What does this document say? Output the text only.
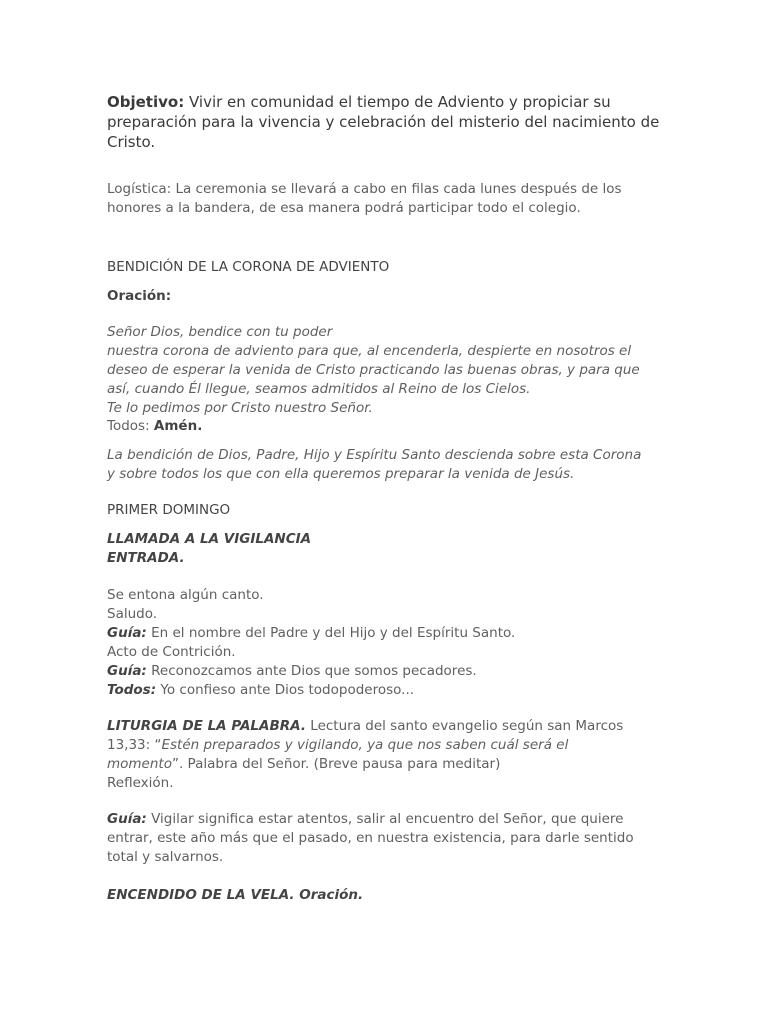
Objetivo: Vivir en comunidad el tiempo de Adviento y propiciar su
preparación para la vivencia y celebración del misterio del nacimiento de
Cristo.

Logística: La ceremonia se llevará a cabo en filas cada lunes después de los
honores a la bandera, de esa manera podrá participar todo el colegio.

BENDICIÓN DE LA CORONA DE ADVIENTO

Oración:

Señor Dios, bendice con tu poder
nuestra corona de adviento para que, al encenderla, despierte en nosotros el
deseo de esperar la venida de Cristo practicando las buenas obras, y para que
así, cuando Él llegue, seamos admitidos al Reino de los Cielos.
Te lo pedimos por Cristo nuestro Señor.

Todos: Amén.

La bendición de Dios, Padre, Hijo y Espíritu Santo descienda sobre esta Corona
y sobre todos los que con ella queremos preparar la venida de Jesús.

PRIMER DOMINGO

LLAMADA A LA VIGILANCIA
ENTRADA.

Se entona algún canto.
Saludo.
Guía: En el nombre del Padre y del Hijo y del Espíritu Santo.
Acto de Contrición.
Guía: Reconozcamos ante Dios que somos pecadores.
Todos: Yo confieso ante Dios todopoderoso...

LITURGIA DE LA PALABRA. Lectura del santo evangelio según san Marcos
13,33: “Estén preparados y vigilando, ya que nos saben cuál será el
momento”. Palabra del Señor. (Breve pausa para meditar)
Reflexión.

Guía: Vigilar significa estar atentos, salir al encuentro del Señor, que quiere
entrar, este año más que el pasado, en nuestra existencia, para darle sentido
total y salvarnos.

ENCENDIDO DE LA VELA. Oración.
